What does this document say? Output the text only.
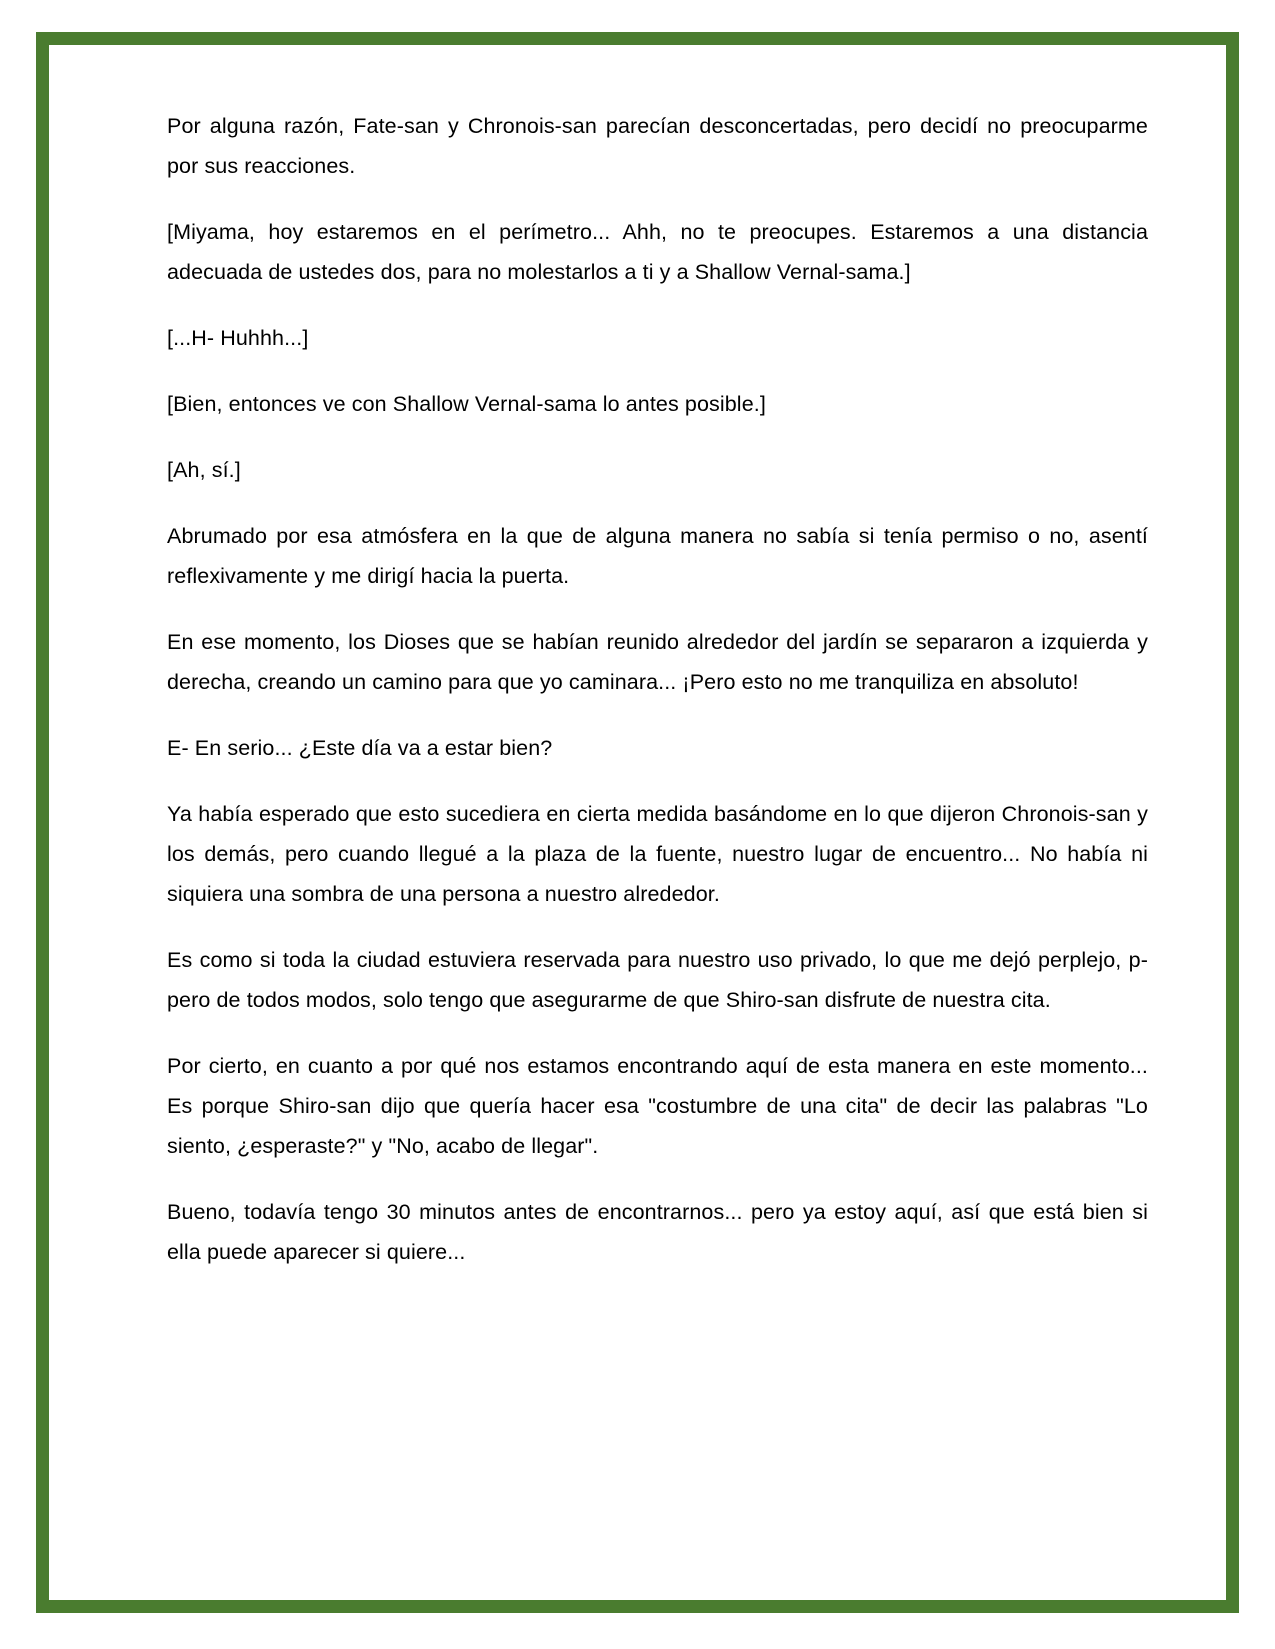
Por alguna razón, Fate-san y Chronois-san parecían desconcertadas, pero decidí no preocuparme por sus reacciones.

[Miyama, hoy estaremos en el perímetro... Ahh, no te preocupes. Estaremos a una distancia adecuada de ustedes dos, para no molestarlos a ti y a Shallow Vernal-sama.]

[...H- Huhhh...]

[Bien, entonces ve con Shallow Vernal-sama lo antes posible.]

[Ah, sí.]

Abrumado por esa atmósfera en la que de alguna manera no sabía si tenía permiso o no, asentí reflexivamente y me dirigí hacia la puerta.

En ese momento, los Dioses que se habían reunido alrededor del jardín se separaron a izquierda y derecha, creando un camino para que yo caminara... ¡Pero esto no me tranquiliza en absoluto!

E- En serio... ¿Este día va a estar bien?

Ya había esperado que esto sucediera en cierta medida basándome en lo que dijeron Chronois-san y los demás, pero cuando llegué a la plaza de la fuente, nuestro lugar de encuentro... No había ni siquiera una sombra de una persona a nuestro alrededor.

Es como si toda la ciudad estuviera reservada para nuestro uso privado, lo que me dejó perplejo, p- pero de todos modos, solo tengo que asegurarme de que Shiro-san disfrute de nuestra cita.

Por cierto, en cuanto a por qué nos estamos encontrando aquí de esta manera en este momento... Es porque Shiro-san dijo que quería hacer esa "costumbre de una cita" de decir las palabras "Lo siento, ¿esperaste?" y "No, acabo de llegar".

Bueno, todavía tengo 30 minutos antes de encontrarnos... pero ya estoy aquí, así que está bien si ella puede aparecer si quiere...
